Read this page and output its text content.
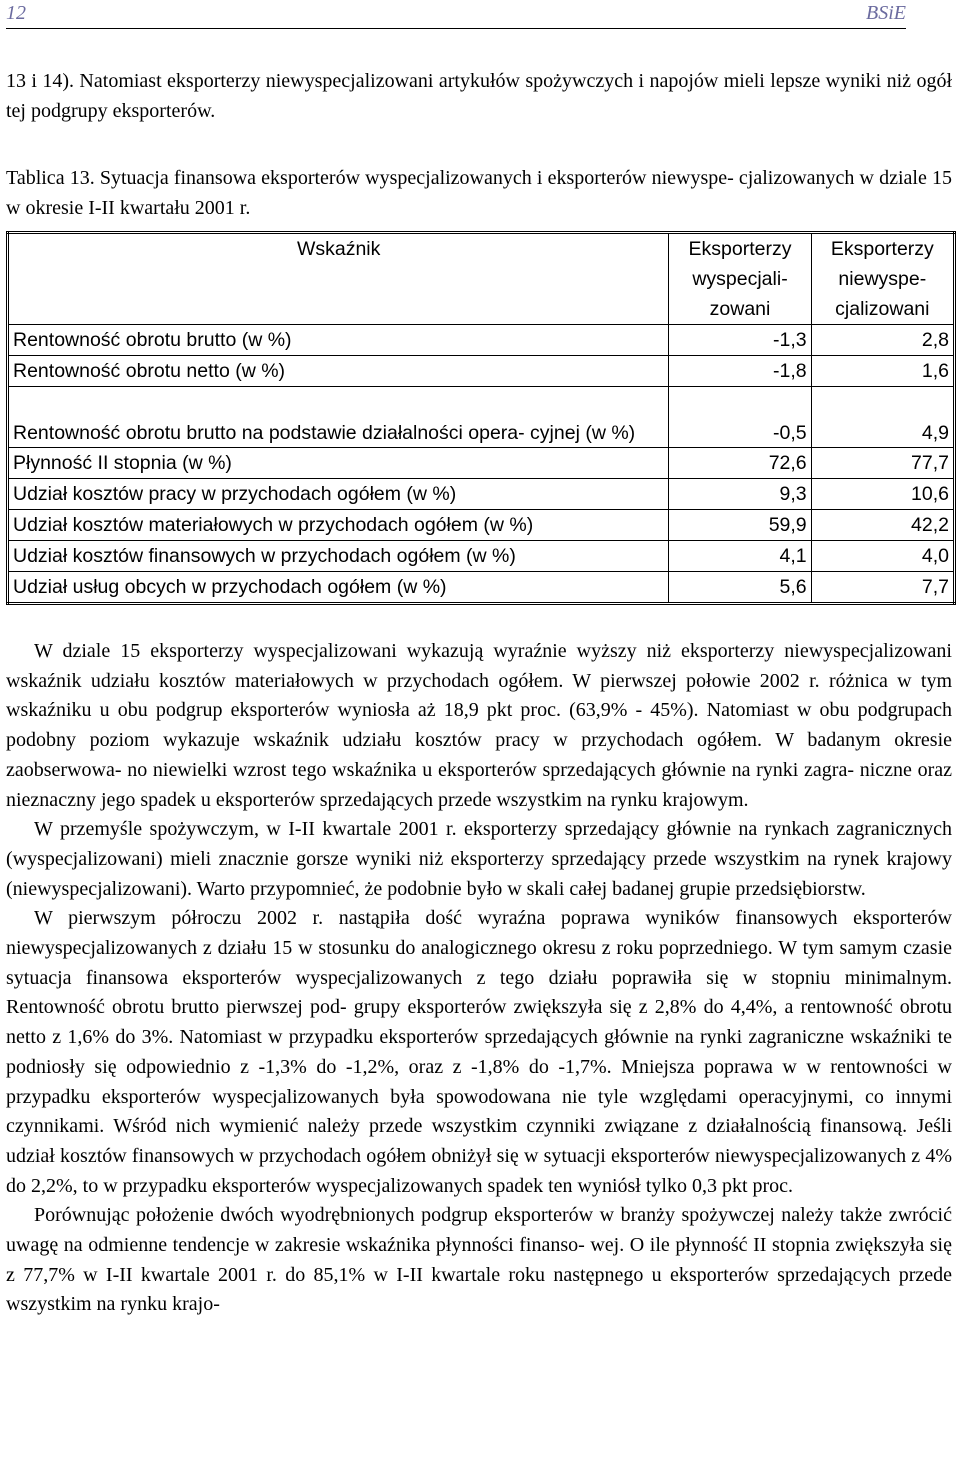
12	BSiE

13 i 14). Natomiast eksporterzy niewyspecjalizowani artykułów spożywczych i napojów mieli lepsze wyniki niż ogół tej podgrupy eksporterów.

Tablica 13. Sytuacja finansowa eksporterów wyspecjalizowanych i eksporterów niewyspe- cjalizowanych w dziale 15 w okresie I-II kwartału 2001 r.

Wskaźnik	Eksporterzy wyspecjali- zowani	Eksporterzy niewyspe- cjalizowani
Rentowność obrotu brutto (w %)	-1,3	2,8
Rentowność obrotu netto (w %)	-1,8	1,6
Rentowność obrotu brutto na podstawie działalności opera- cyjnej (w %)	-0,5	4,9
Płynność II stopnia (w %)	72,6	77,7
Udział kosztów pracy w przychodach ogółem (w %)	9,3	10,6
Udział kosztów materiałowych w przychodach ogółem (w %)	59,9	42,2
Udział kosztów finansowych w przychodach ogółem (w %)	4,1	4,0
Udział usług obcych w przychodach ogółem (w %)	5,6	7,7

W dziale 15 eksporterzy wyspecjalizowani wykazują wyraźnie wyższy niż eksporterzy niewyspecjalizowani wskaźnik udziału kosztów materiałowych w przychodach ogółem. W pierwszej połowie 2002 r. różnica w tym wskaźniku u obu podgrup eksporterów wyniosła aż 18,9 pkt proc. (63,9% - 45%). Natomiast w obu podgrupach podobny poziom wykazuje wskaźnik udziału kosztów pracy w przychodach ogółem. W badanym okresie zaobserwowa- no niewielki wzrost tego wskaźnika u eksporterów sprzedających głównie na rynki zagra- niczne oraz nieznaczny jego spadek u eksporterów sprzedających przede wszystkim na rynku krajowym.

W przemyśle spożywczym, w I-II kwartale 2001 r. eksporterzy sprzedający głównie na rynkach zagranicznych (wyspecjalizowani) mieli znacznie gorsze wyniki niż eksporterzy sprzedający przede wszystkim na rynek krajowy (niewyspecjalizowani). Warto przypomnieć, że podobnie było w skali całej badanej grupie przedsiębiorstw.

W pierwszym półroczu 2002 r. nastąpiła dość wyraźna poprawa wyników finansowych eksporterów niewyspecjalizowanych z działu 15 w stosunku do analogicznego okresu z roku poprzedniego. W tym samym czasie sytuacja finansowa eksporterów wyspecjalizowanych z tego działu poprawiła się w stopniu minimalnym. Rentowność obrotu brutto pierwszej pod- grupy eksporterów zwiększyła się z 2,8% do 4,4%, a rentowność obrotu netto z 1,6% do 3%. Natomiast w przypadku eksporterów sprzedających głównie na rynki zagraniczne wskaźniki te podniosły się odpowiednio z -1,3% do -1,2%, oraz z -1,8% do -1,7%. Mniejsza poprawa w w rentowności w przypadku eksporterów wyspecjalizowanych była spowodowana nie tyle względami operacyjnymi, co innymi czynnikami. Wśród nich wymienić należy przede wszystkim czynniki związane z działalnością finansową. Jeśli udział kosztów finansowych w przychodach ogółem obniżył się w sytuacji eksporterów niewyspecjalizowanych z 4% do 2,2%, to w przypadku eksporterów wyspecjalizowanych spadek ten wyniósł tylko 0,3 pkt proc.

Porównując położenie dwóch wyodrębnionych podgrup eksporterów w branży spożywczej należy także zwrócić uwagę na odmienne tendencje w zakresie wskaźnika płynności finanso- wej. O ile płynność II stopnia zwiększyła się z 77,7% w I-II kwartale 2001 r. do 85,1% w I-II kwartale roku następnego u eksporterów sprzedających przede wszystkim na rynku krajo-
